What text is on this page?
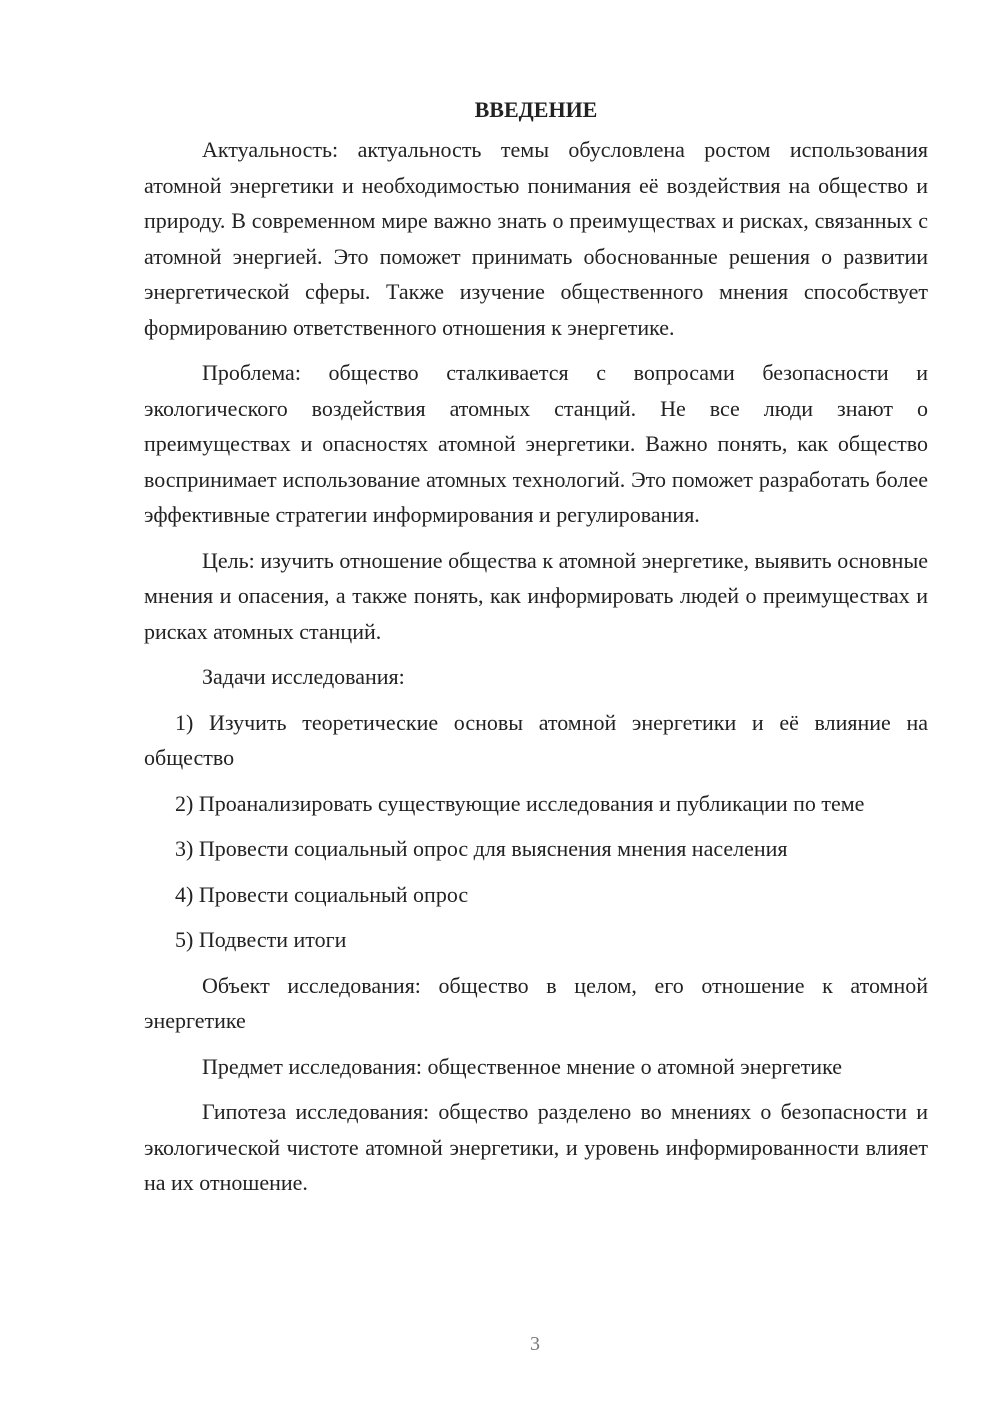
ВВЕДЕНИЕ

Актуальность: актуальность темы обусловлена ростом использования атомной энергетики и необходимостью понимания её воздействия на общество и природу. В современном мире важно знать о преимуществах и рисках, связанных с атомной энергией. Это поможет принимать обоснованные решения о развитии энергетической сферы. Также изучение общественного мнения способствует формированию ответственного отношения к энергетике.

Проблема: общество сталкивается с вопросами безопасности и экологического воздействия атомных станций. Не все люди знают о преимуществах и опасностях атомной энергетики. Важно понять, как общество воспринимает использование атомных технологий. Это поможет разработать более эффективные стратегии информирования и регулирования.

Цель: изучить отношение общества к атомной энергетике, выявить основные мнения и опасения, а также понять, как информировать людей о преимуществах и рисках атомных станций.

Задачи исследования:

1) Изучить теоретические основы атомной энергетики и её влияние на общество

2) Проанализировать существующие исследования и публикации по теме

3) Провести социальный опрос для выяснения мнения населения

4) Провести социальный опрос

5) Подвести итоги

Объект исследования: общество в целом, его отношение к атомной энергетике

Предмет исследования: общественное мнение о атомной энергетике

Гипотеза исследования: общество разделено во мнениях о безопасности и экологической чистоте атомной энергетики, и уровень информированности влияет на их отношение.

3
